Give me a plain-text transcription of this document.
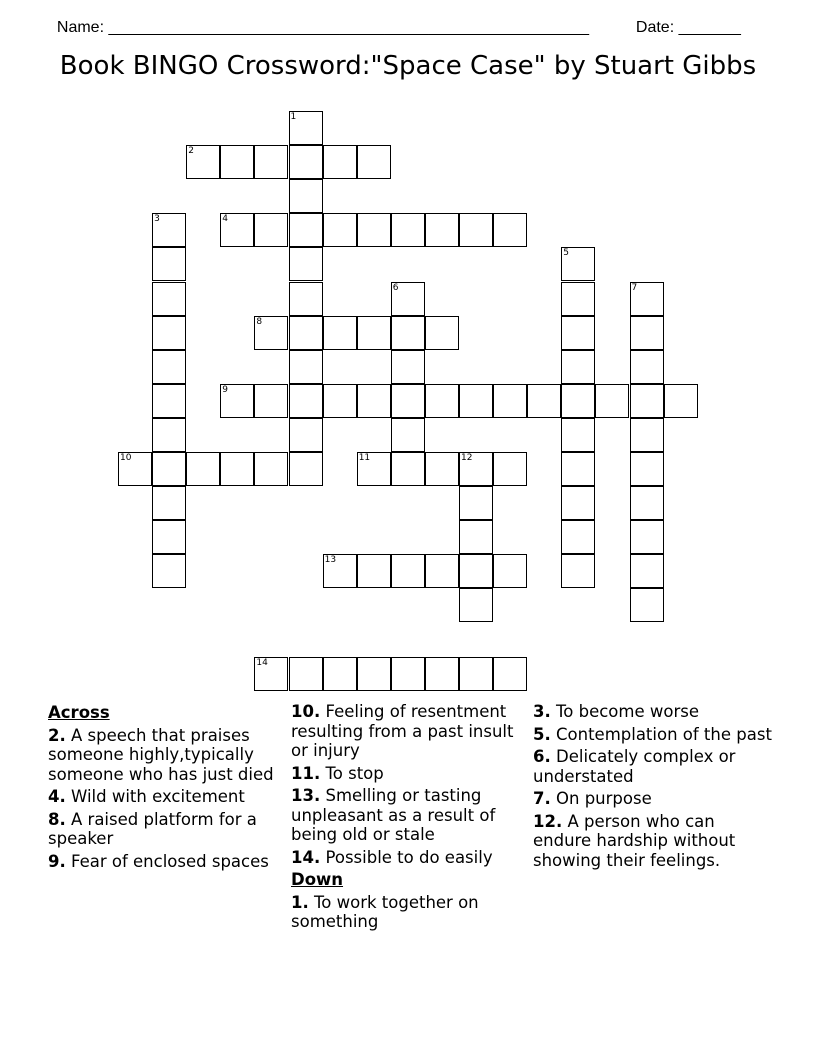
Name: ______________________________________________________	Date: _______

Book BINGO Crossword:"Space Case" by Stuart Gibbs
1
2
3	4
5
6	7
8
9
10	11	12
13
14
Across
2. A speech that praises someone highly,typically someone who has just died
4. Wild with excitement
8. A raised platform for a speaker
9. Fear of enclosed spaces
10. Feeling of resentment resulting from a past insult or injury
11. To stop
13. Smelling or tasting unpleasant as a result of being old or stale
14. Possible to do easily
Down
1. To work together on something
3. To become worse
5. Contemplation of the past
6. Delicately complex or understated
7. On purpose
12. A person who can endure hardship without showing their feelings.
